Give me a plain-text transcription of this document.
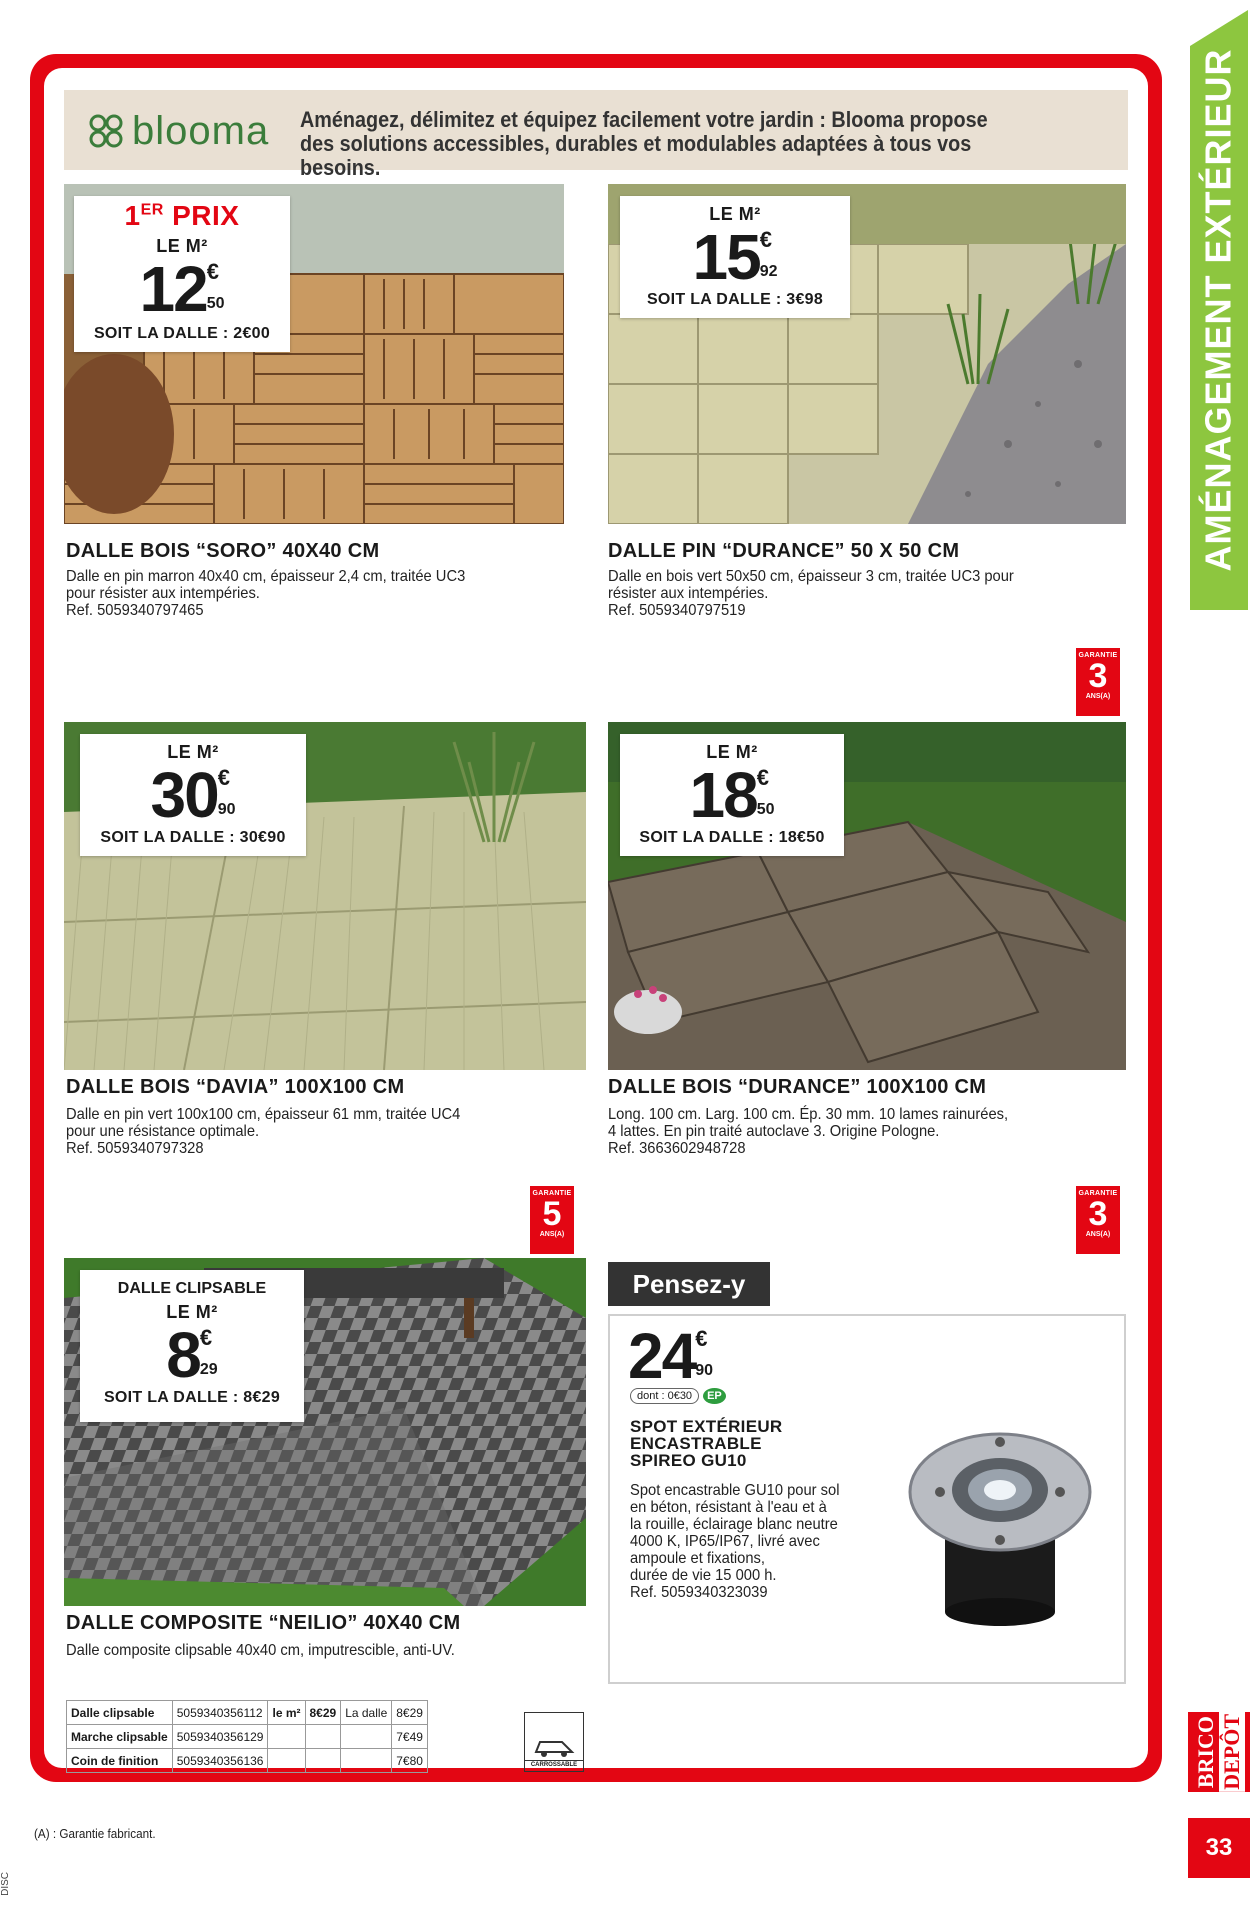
AMÉNAGEMENT EXTÉRIEUR
BRICO DEPÔT
33
blooma Aménagez, délimitez et équipez facilement votre jardin : Blooma propose des solutions accessibles, durables et modulables adaptées à tous vos besoins.
1ER PRIX
LE M²
12 €
50
SOIT LA DALLE : 2€00
DALLE BOIS “SORO” 40X40 CM
Dalle en pin marron 40x40 cm, épaisseur 2,4 cm, traitée UC3
pour résister aux intempéries.
Ref. 5059340797465
LE M²
15 €
92
SOIT LA DALLE : 3€98
DALLE PIN “DURANCE” 50 X 50 CM
Dalle en bois vert 50x50 cm, épaisseur 3 cm, traitée UC3 pour
résister aux intempéries.
Ref. 5059340797519
GARANTIE
3
ANS(A)
LE M²
30 €
90
SOIT LA DALLE : 30€90
DALLE BOIS “DAVIA” 100X100 CM
Dalle en pin vert 100x100 cm, épaisseur 61 mm, traitée UC4
pour une résistance optimale.
Ref. 5059340797328
LE M²
18 €
50
SOIT LA DALLE : 18€50
DALLE BOIS “DURANCE” 100X100 CM
Long. 100 cm. Larg. 100 cm. Ép. 30 mm. 10 lames rainurées,
4 lattes. En pin traité autoclave 3. Origine Pologne.
Ref. 3663602948728
GARANTIE
5
ANS(A)
GARANTIE
3
ANS(A)
DALLE CLIPSABLE
LE M²
8 €
29
SOIT LA DALLE : 8€29
DALLE COMPOSITE “NEILIO” 40X40 CM
Dalle composite clipsable 40x40 cm, imputrescible, anti-UV.
Pensez-y
24 €
90
dont : 0€30	EP
SPOT EXTÉRIEUR
ENCASTRABLE
SPIREO GU10
Spot encastrable GU10 pour sol
en béton, résistant à l'eau et à
la rouille, éclairage blanc neutre
4000 K, IP65/IP67, livré avec
ampoule et fixations,
durée de vie 15 000 h.
Ref. 5059340323039
Dalle clipsable	5059340356112	le m²	8€29	La dalle	8€29
Marche clipsable	5059340356129				7€49
Coin de finition	5059340356136				7€80	CARROSSABLE
(A) : Garantie fabricant.
DISC
